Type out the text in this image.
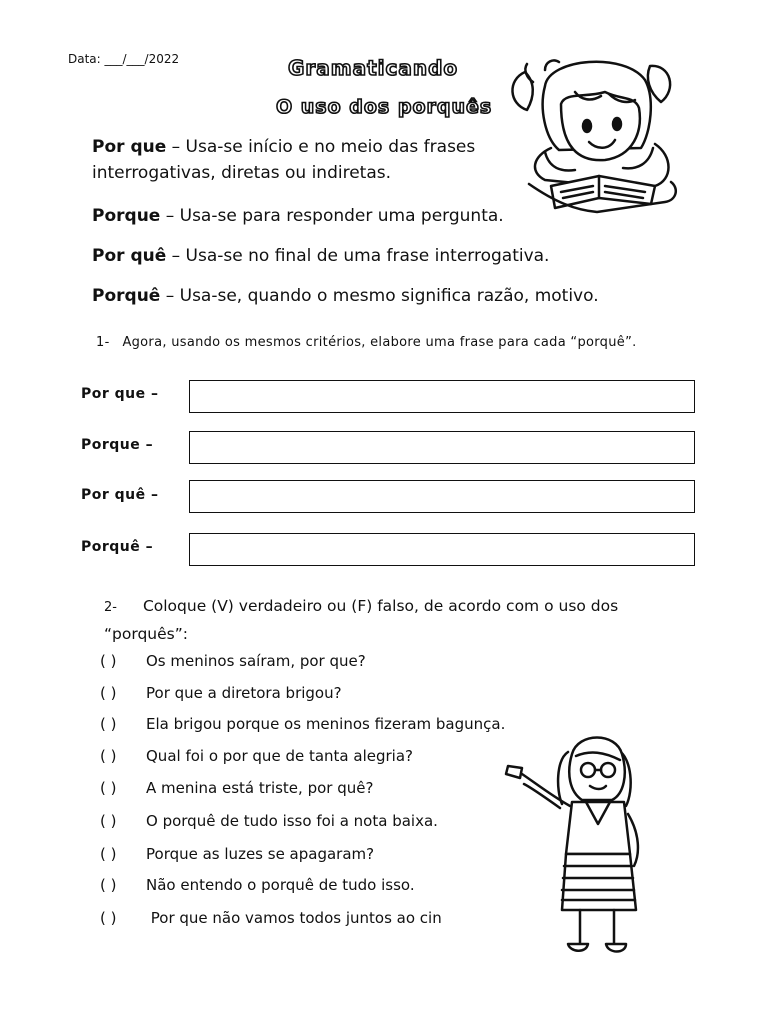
Data: ___/___/2022	Gramaticando
O uso dos porquês
Por que – Usa-se início e no meio das frases
interrogativas, diretas ou indiretas.
Porque – Usa-se para responder uma pergunta.
Por quê – Usa-se no final de uma frase interrogativa.
Porquê – Usa-se, quando o mesmo significa razão, motivo.
1- Agora, usando os mesmos critérios, elabore uma frase para cada “porquê”.
Por que –
Porque –
Por quê –
Porquê –
2- Coloque (V) verdadeiro ou (F) falso, de acordo com o uso dos “porquês”:
( ) Os meninos saíram, por que?
( ) Por que a diretora brigou?
( ) Ela brigou porque os meninos fizeram bagunça.
( ) Qual foi o por que de tanta alegria?
( ) A menina está triste, por quê?
( ) O porquê de tudo isso foi a nota baixa.
( ) Porque as luzes se apagaram?
( ) Não entendo o porquê de tudo isso.
( ) Por que não vamos todos juntos ao cin
